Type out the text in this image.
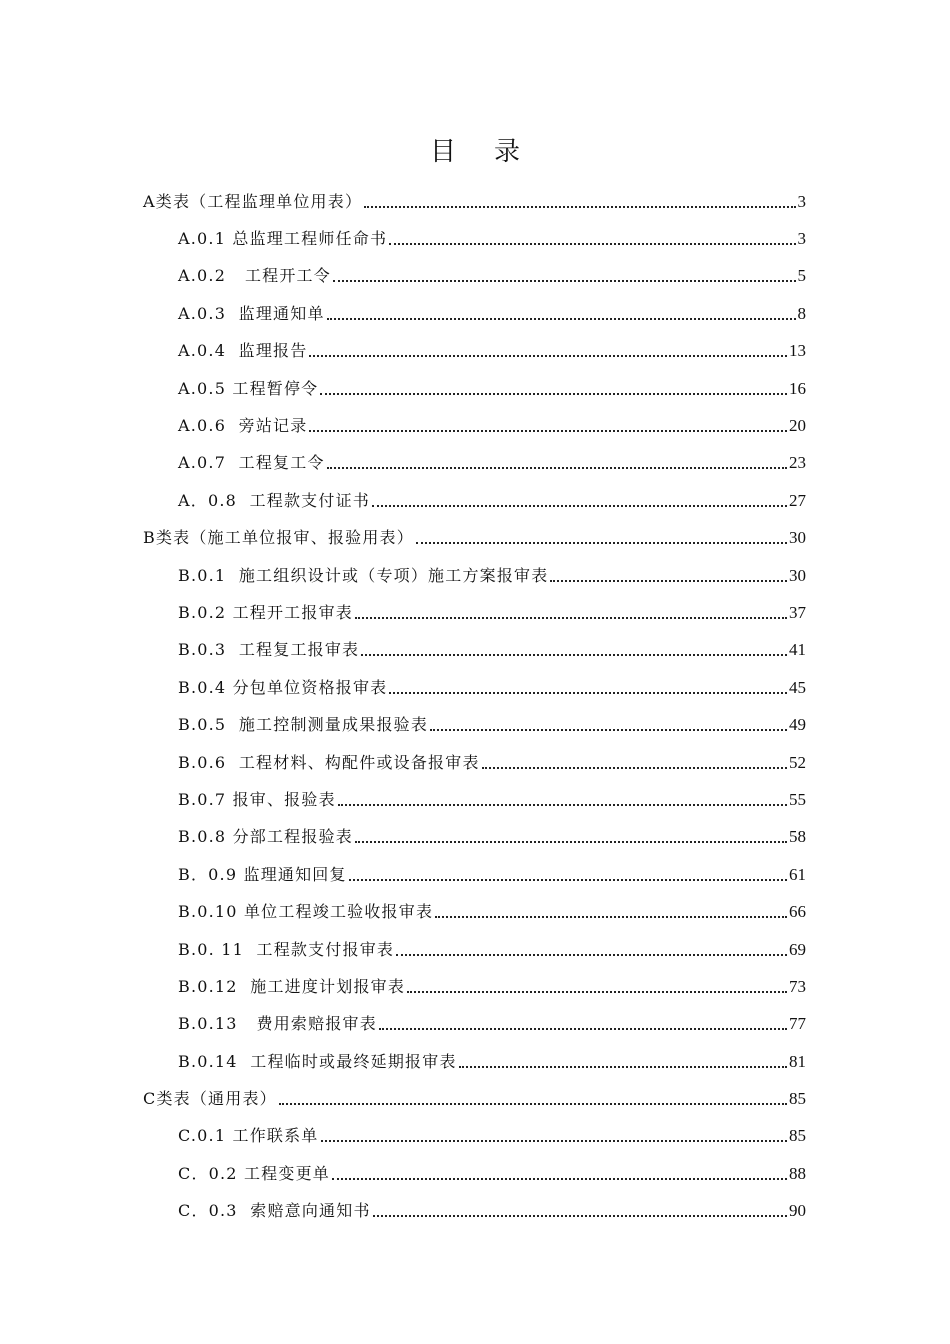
目录
A类表（工程监理单位用表）	3
A.0.1 总监理工程师任命书	3
A.0.2   工程开工令	5
A.0.3  监理通知单	8
A.0.4  监理报告	13
A.0.5 工程暂停令	16
A.0.6  旁站记录	20
A.0.7  工程复工令	23
A．0.8  工程款支付证书	27
B类表（施工单位报审、报验用表）	30
B.0.1  施工组织设计或（专项）施工方案报审表	30
B.0.2 工程开工报审表	37
B.0.3  工程复工报审表	41
B.0.4 分包单位资格报审表	45
B.0.5  施工控制测量成果报验表	49
B.0.6  工程材料、构配件或设备报审表	52
B.0.7 报审、报验表	55
B.0.8 分部工程报验表	58
B．0.9 监理通知回复	61
B.0.10 单位工程竣工验收报审表	66
B.0. 11  工程款支付报审表	69
B.0.12  施工进度计划报审表	73
B.0.13   费用索赔报审表	77
B.0.14  工程临时或最终延期报审表	81
C类表（通用表）	85
C.0.1 工作联系单	85
C．0.2 工程变更单	88
C．0.3  索赔意向通知书	90
